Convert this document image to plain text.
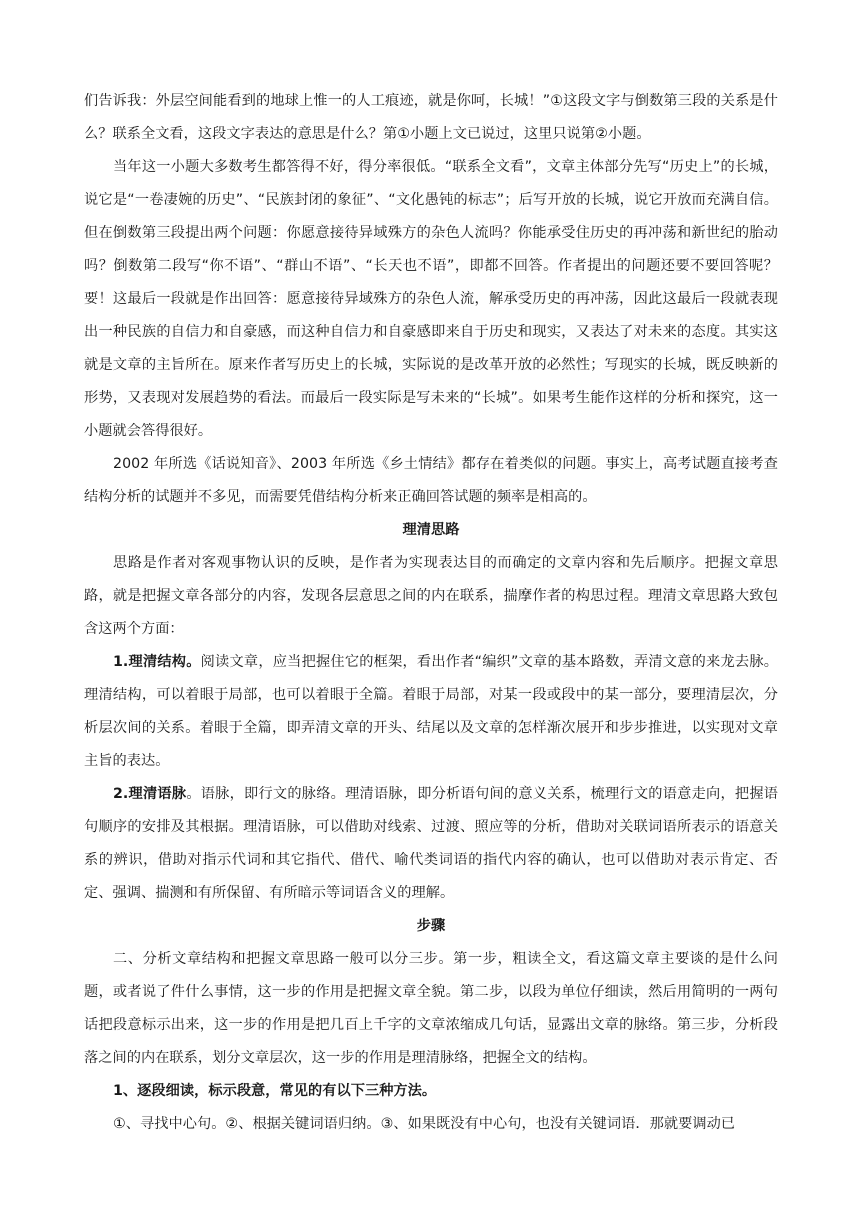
们告诉我：外层空间能看到的地球上惟一的人工痕迹，就是你呵，长城！”①这段文字与倒数第三段的关系是什么？联系全文看，这段文字表达的意思是什么？第①小题上文已说过，这里只说第②小题。

当年这一小题大多数考生都答得不好，得分率很低。“联系全文看”，文章主体部分先写“历史上”的长城，说它是“一卷凄婉的历史”、“民族封闭的象征”、“文化愚钝的标志”；后写开放的长城，说它开放而充满自信。但在倒数第三段提出两个问题：你愿意接待异域殊方的杂色人流吗？你能承受住历史的再冲荡和新世纪的胎动吗？倒数第二段写“你不语”、“群山不语”、“长天也不语”，即都不回答。作者提出的问题还要不要回答呢？要！这最后一段就是作出回答：愿意接待异域殊方的杂色人流，解承受历史的再冲荡，因此这最后一段就表现出一种民族的自信力和自豪感，而这种自信力和自豪感即来自于历史和现实，又表达了对未来的态度。其实这就是文章的主旨所在。原来作者写历史上的长城，实际说的是改革开放的必然性；写现实的长城，既反映新的形势，又表现对发展趋势的看法。而最后一段实际是写未来的“长城”。如果考生能作这样的分析和探究，这一小题就会答得很好。

2002 年所选《话说知音》、2003 年所选《乡土情结》都存在着类似的问题。事实上，高考试题直接考查结构分析的试题并不多见，而需要凭借结构分析来正确回答试题的频率是相高的。

理清思路

思路是作者对客观事物认识的反映，是作者为实现表达目的而确定的文章内容和先后顺序。把握文章思路，就是把握文章各部分的内容，发现各层意思之间的内在联系，揣摩作者的构思过程。理清文章思路大致包含这两个方面：

1.理清结构。阅读文章，应当把握住它的框架，看出作者“编织”文章的基本路数，弄清文意的来龙去脉。理清结构，可以着眼于局部，也可以着眼于全篇。着眼于局部，对某一段或段中的某一部分，要理清层次，分析层次间的关系。着眼于全篇，即弄清文章的开头、结尾以及文章的怎样渐次展开和步步推进，以实现对文章主旨的表达。

2.理清语脉。语脉，即行文的脉络。理清语脉，即分析语句间的意义关系，梳理行文的语意走向，把握语句顺序的安排及其根据。理清语脉，可以借助对线索、过渡、照应等的分析，借助对关联词语所表示的语意关系的辨识，借助对指示代词和其它指代、借代、喻代类词语的指代内容的确认，也可以借助对表示肯定、否定、强调、揣测和有所保留、有所暗示等词语含义的理解。

步骤

二、分析文章结构和把握文章思路一般可以分三步。第一步，粗读全文，看这篇文章主要谈的是什么问题，或者说了件什么事情，这一步的作用是把握文章全貌。第二步，以段为单位仔细读，然后用简明的一两句话把段意标示出来，这一步的作用是把几百上千字的文章浓缩成几句话，显露出文章的脉络。第三步，分析段落之间的内在联系，划分文章层次，这一步的作用是理清脉络，把握全文的结构。

1、逐段细读，标示段意，常见的有以下三种方法。

①、寻找中心句。②、根据关键词语归纳。③、如果既没有中心句，也没有关键词语．那就要调动已
